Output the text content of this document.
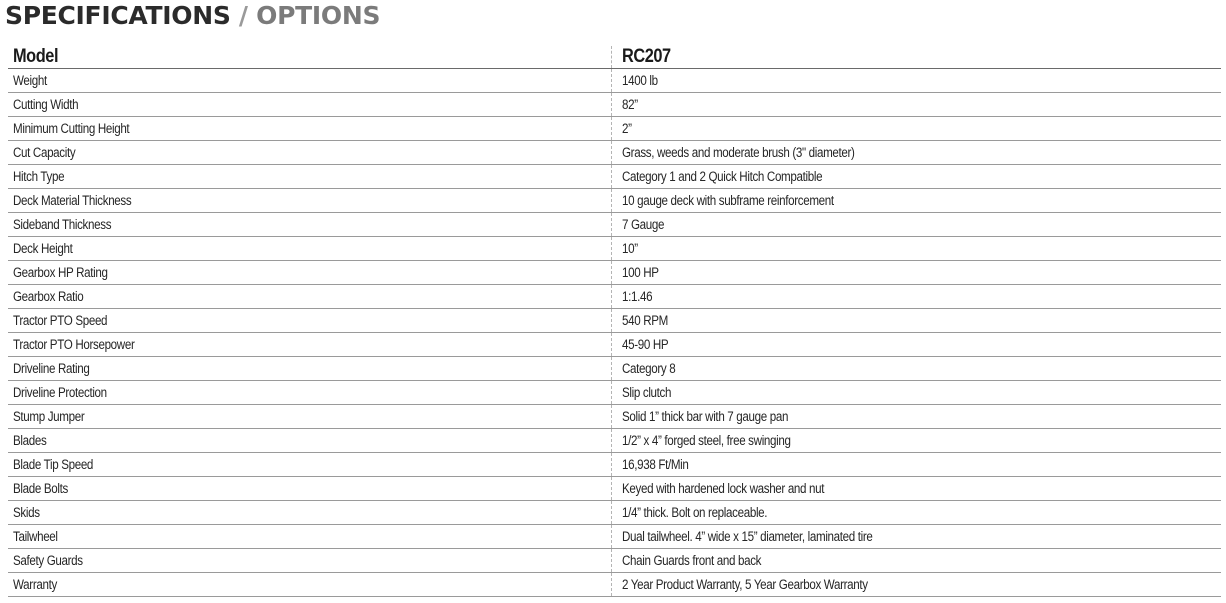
SPECIFICATIONS / OPTIONS
Model	RC207
Weight	1400 lb
Cutting Width	82”
Minimum Cutting Height	2”
Cut Capacity	Grass, weeds and moderate brush (3" diameter)
Hitch Type	Category 1 and 2 Quick Hitch Compatible
Deck Material Thickness	10 gauge deck with subframe reinforcement
Sideband Thickness	7 Gauge
Deck Height	10”
Gearbox HP Rating	100 HP
Gearbox Ratio	1:1.46
Tractor PTO Speed	540 RPM
Tractor PTO Horsepower	45-90 HP
Driveline Rating	Category 8
Driveline Protection	Slip clutch
Stump Jumper	Solid 1” thick bar with 7 gauge pan
Blades	1/2” x 4” forged steel, free swinging
Blade Tip Speed	16,938 Ft/Min
Blade Bolts	Keyed with hardened lock washer and nut
Skids	1/4” thick. Bolt on replaceable.
Tailwheel	Dual tailwheel. 4” wide x 15” diameter, laminated tire
Safety Guards	Chain Guards front and back
Warranty	2 Year Product Warranty, 5 Year Gearbox Warranty
